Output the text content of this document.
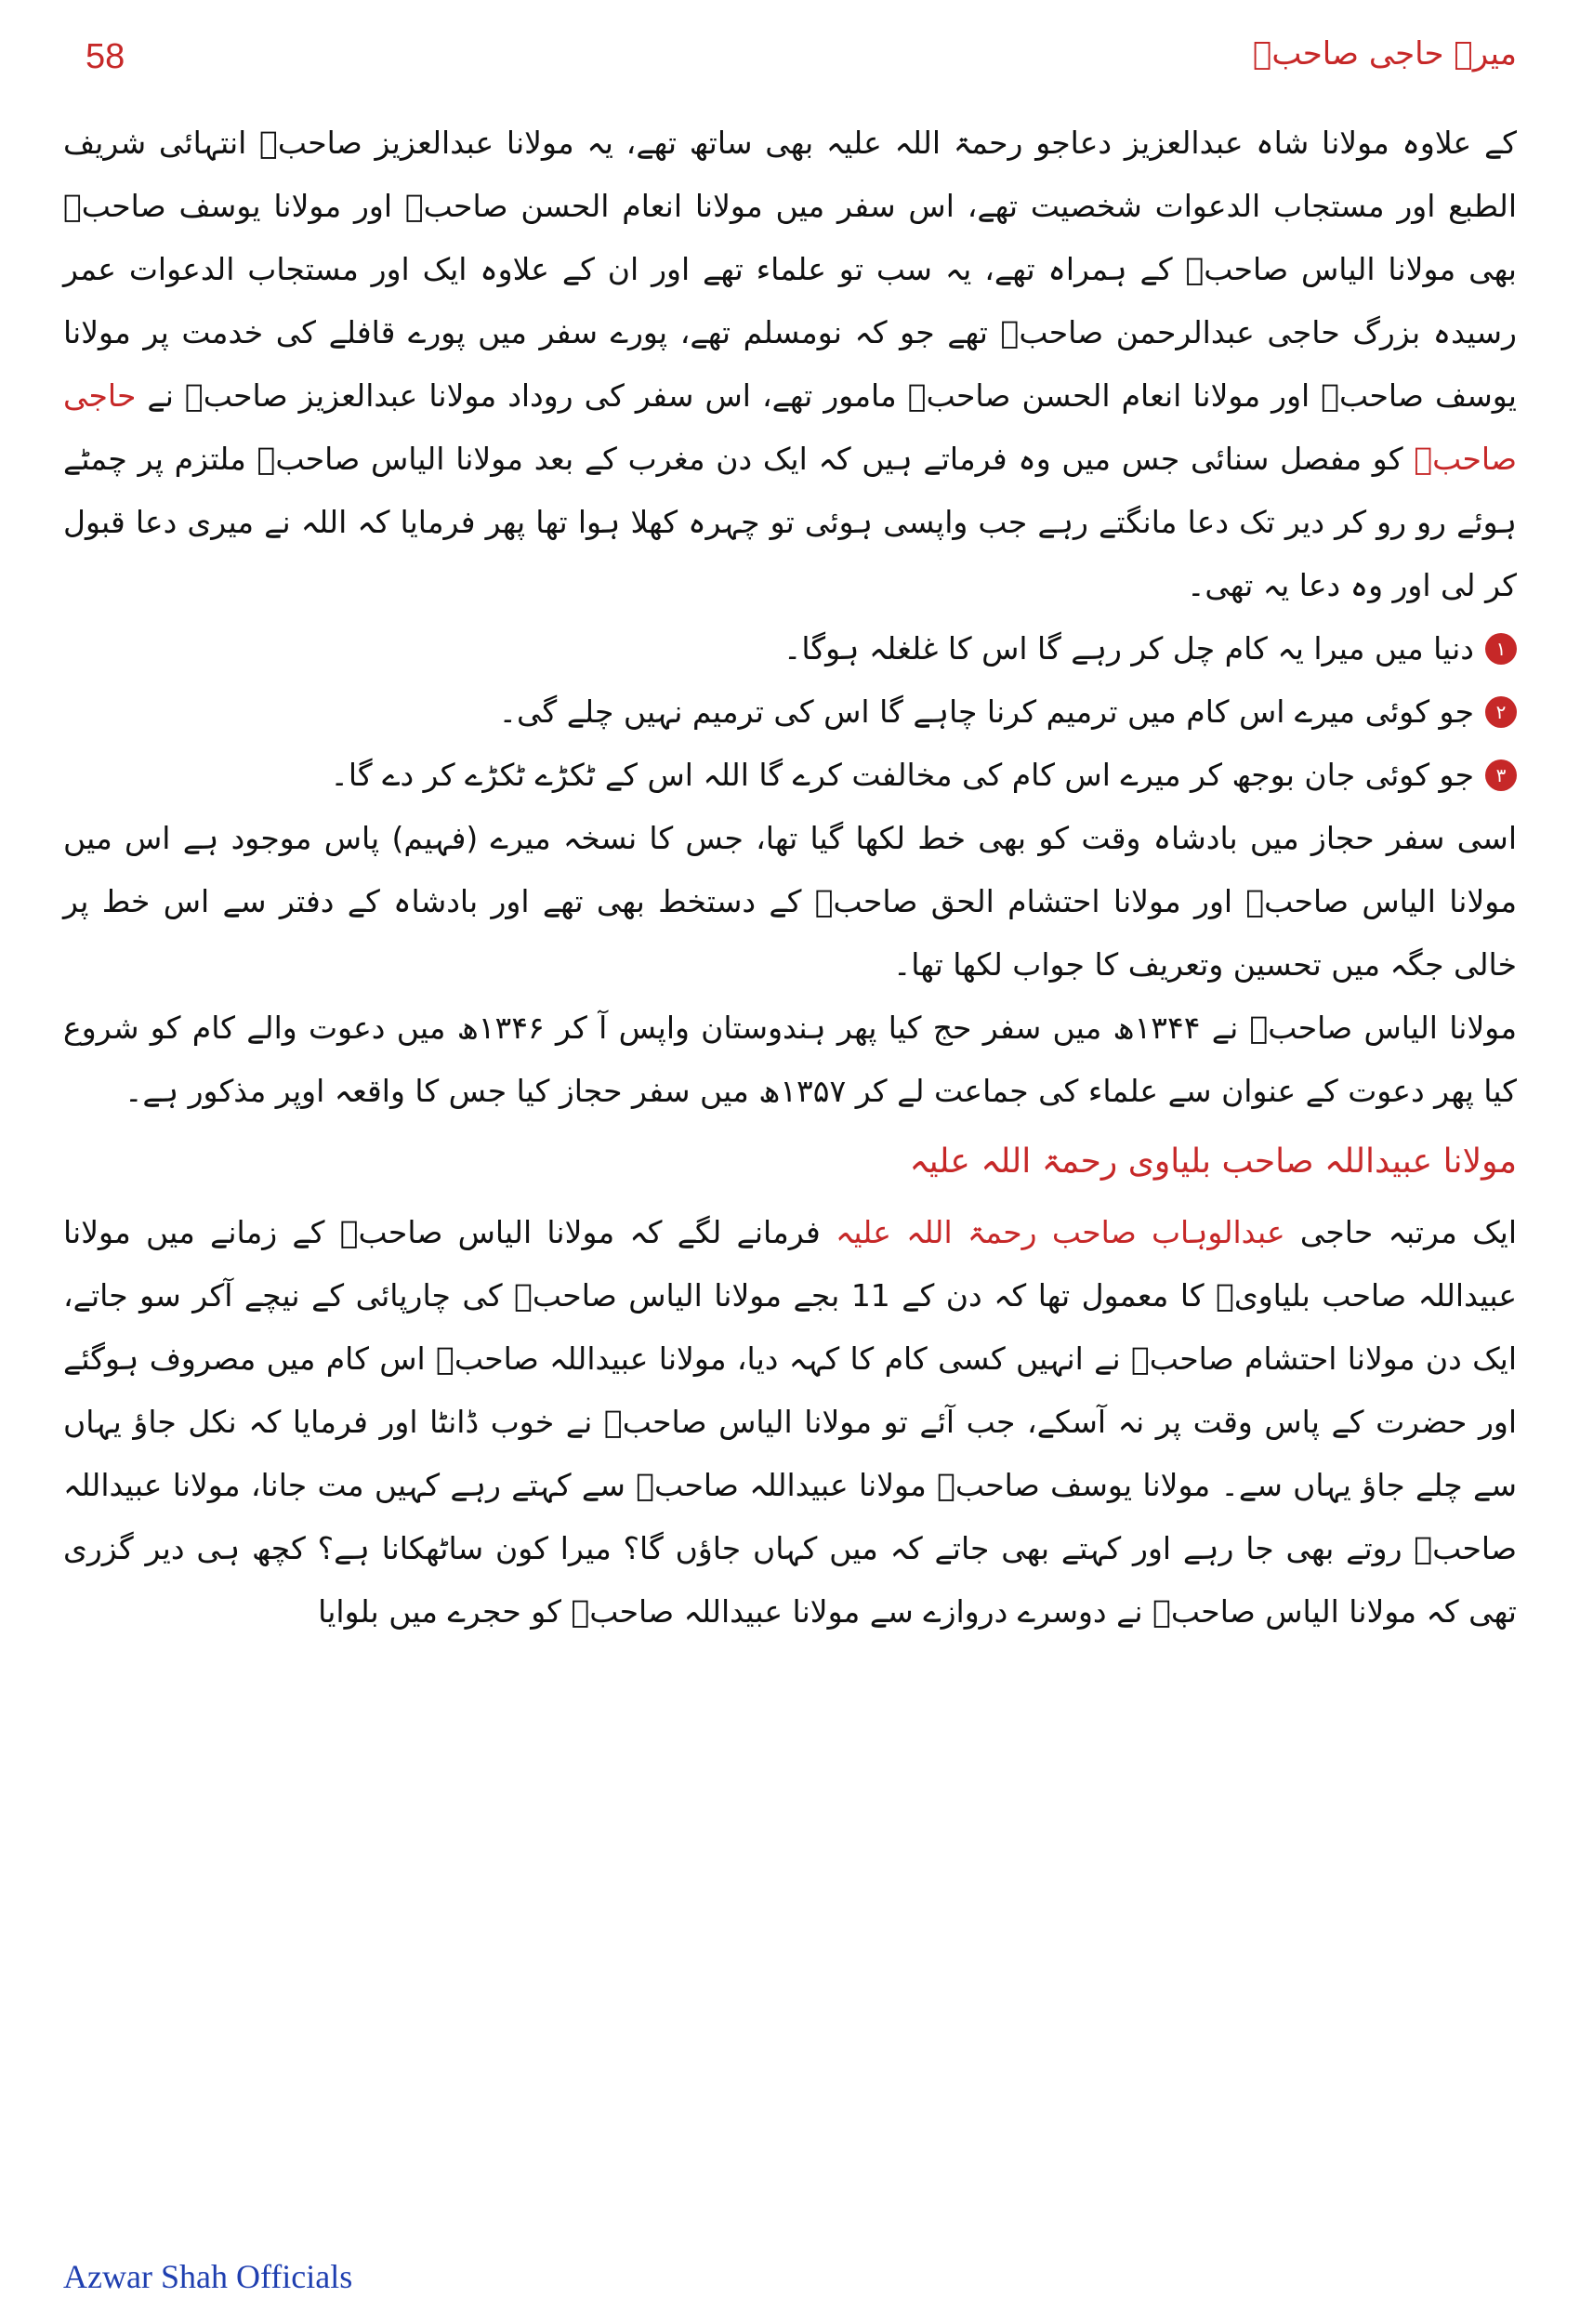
58	میرے حاجی صاحبؒ

کے علاوہ مولانا شاہ عبدالعزیز دعاجو رحمۃ اللہ علیہ بھی ساتھ تھے، یہ مولانا عبدالعزیز صاحبؒ انتہائی شریف الطبع اور مستجاب الدعوات شخصیت تھے، اس سفر میں مولانا انعام الحسن صاحبؒ اور مولانا یوسف صاحبؒ بھی مولانا الیاس صاحبؒ کے ہمراہ تھے، یہ سب تو علماء تھے اور ان کے علاوہ ایک اور مستجاب الدعوات عمر رسیدہ بزرگ حاجی عبدالرحمن صاحبؒ تھے جو کہ نومسلم تھے، پورے سفر میں پورے قافلے کی خدمت پر مولانا یوسف صاحبؒ اور مولانا انعام الحسن صاحبؒ مامور تھے، اس سفر کی روداد مولانا عبدالعزیز صاحبؒ نے حاجی صاحبؒ کو مفصل سنائی جس میں وہ فرماتے ہیں کہ ایک دن مغرب کے بعد مولانا الیاس صاحبؒ ملتزم پر چمٹے ہوئے رو رو کر دیر تک دعا مانگتے رہے جب واپسی ہوئی تو چہرہ کھلا ہوا تھا پھر فرمایا کہ اللہ نے میری دعا قبول کر لی اور وہ دعا یہ تھی۔

١
دنیا میں میرا یہ کام چل کر رہے گا اس کا غلغلہ ہوگا۔
٢
جو کوئی میرے اس کام میں ترمیم کرنا چاہے گا اس کی ترمیم نہیں چلے گی۔
٣
جو کوئی جان بوجھ کر میرے اس کام کی مخالفت کرے گا اللہ اس کے ٹکڑے ٹکڑے کر دے گا۔

اسی سفر حجاز میں بادشاہ وقت کو بھی خط لکھا گیا تھا، جس کا نسخہ میرے (فہیم) پاس موجود ہے اس میں مولانا الیاس صاحبؒ اور مولانا احتشام الحق صاحبؒ کے دستخط بھی تھے اور بادشاہ کے دفتر سے اس خط پر خالی جگہ میں تحسین وتعریف کا جواب لکھا تھا۔

مولانا الیاس صاحبؒ نے ۱۳۴۴ھ میں سفر حج کیا پھر ہندوستان واپس آ کر ۱۳۴۶ھ میں دعوت والے کام کو شروع کیا پھر دعوت کے عنوان سے علماء کی جماعت لے کر ۱۳۵۷ھ میں سفر حجاز کیا جس کا واقعہ اوپر مذکور ہے۔

مولانا عبیداللہ صاحب بلیاوی رحمۃ اللہ علیہ

ایک مرتبہ حاجی عبدالوہاب صاحب رحمۃ اللہ علیہ فرمانے لگے کہ مولانا الیاس صاحبؒ کے زمانے میں مولانا عبیداللہ صاحب بلیاویؒ کا معمول تھا کہ دن کے 11 بجے مولانا الیاس صاحبؒ کی چارپائی کے نیچے آکر سو جاتے، ایک دن مولانا احتشام صاحبؒ نے انہیں کسی کام کا کہہ دیا، مولانا عبیداللہ صاحبؒ اس کام میں مصروف ہوگئے اور حضرت کے پاس وقت پر نہ آسکے، جب آئے تو مولانا الیاس صاحبؒ نے خوب ڈانٹا اور فرمایا کہ نکل جاؤ یہاں سے چلے جاؤ یہاں سے۔ مولانا یوسف صاحبؒ مولانا عبیداللہ صاحبؒ سے کہتے رہے کہیں مت جانا، مولانا عبیداللہ صاحبؒ روتے بھی جا رہے اور کہتے بھی جاتے کہ میں کہاں جاؤں گا؟ میرا کون ساٹھکانا ہے؟ کچھ ہی دیر گزری تھی کہ مولانا الیاس صاحبؒ نے دوسرے دروازے سے مولانا عبیداللہ صاحبؒ کو حجرے میں بلوایا

Azwar Shah Officials
